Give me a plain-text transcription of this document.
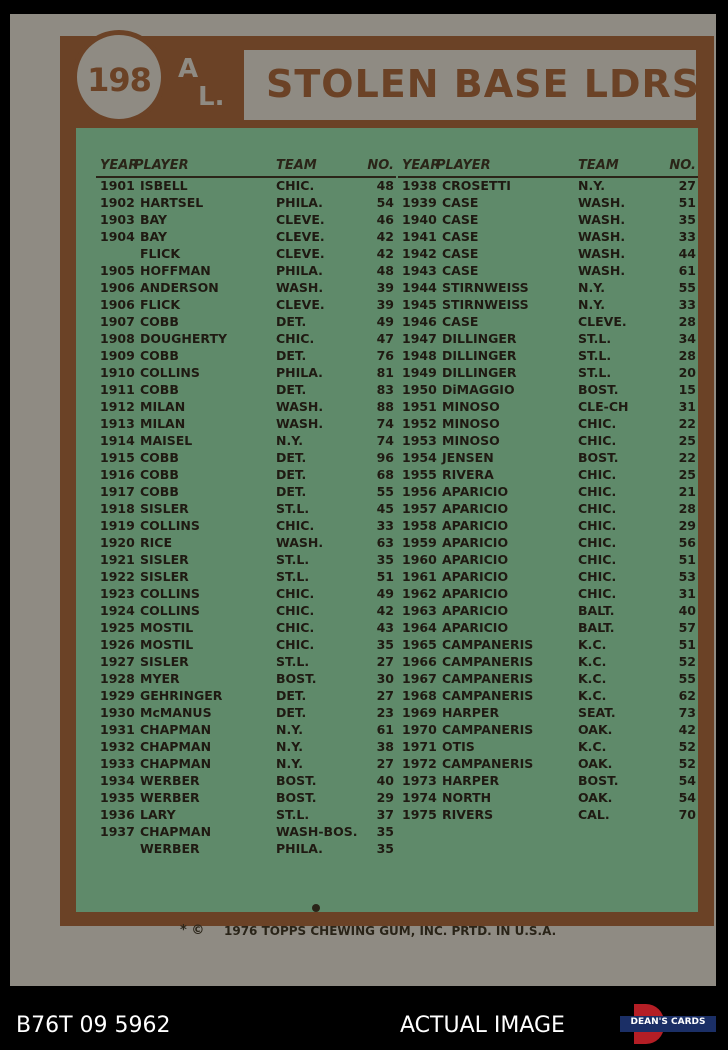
198	A
L. STOLEN BASE LDRS
YEAR
PLAYER	TEAM	NO.
1901 ISBELL	CHIC.	48
1902 HARTSEL	PHILA.	54
1903 BAY	CLEVE.	46
1904 BAY	CLEVE.	42
FLICK	CLEVE.	42
1905 HOFFMAN	PHILA.	48
1906 ANDERSON	WASH.	39
1906 FLICK	CLEVE.	39
1907 COBB	DET.	49
1908 DOUGHERTY	CHIC.	47
1909 COBB	DET.	76
1910 COLLINS	PHILA.	81
1911 COBB	DET.	83
1912 MILAN	WASH.	88
1913 MILAN	WASH.	74
1914 MAISEL	N.Y.	74
1915 COBB	DET.	96
1916 COBB	DET.	68
1917 COBB	DET.	55
1918 SISLER	ST.L.	45
1919 COLLINS	CHIC.	33
1920 RICE	WASH.	63
1921 SISLER	ST.L.	35
1922 SISLER	ST.L.	51
1923 COLLINS	CHIC.	49
1924 COLLINS	CHIC.	42
1925 MOSTIL	CHIC.	43
1926 MOSTIL	CHIC.	35
1927 SISLER	ST.L.	27
1928 MYER	BOST.	30
1929 GEHRINGER	DET.	27
1930 McMANUS	DET.	23
1931 CHAPMAN	N.Y.	61
1932 CHAPMAN	N.Y.	38
1933 CHAPMAN	N.Y.	27
1934 WERBER	BOST.	40
1935 WERBER	BOST.	29
1936 LARY	ST.L.	37
1937 CHAPMAN	WASH-BOS. 35
WERBER	PHILA.	35
YEAR
PLAYER	TEAM	NO.
1938 CROSETTI	N.Y.	27
1939 CASE	WASH.	51
1940 CASE	WASH.	35
1941 CASE	WASH.	33
1942 CASE	WASH.	44
1943 CASE	WASH.	61
1944 STIRNWEISS	N.Y.	55
1945 STIRNWEISS	N.Y.	33
1946 CASE	CLEVE.	28
1947 DILLINGER	ST.L.	34
1948 DILLINGER	ST.L.	28
1949 DILLINGER	ST.L.	20
1950 DiMAGGIO	BOST.	15
1951 MINOSO	CLE-CH	31
1952 MINOSO	CHIC.	22
1953 MINOSO	CHIC.	25
1954 JENSEN	BOST.	22
1955 RIVERA	CHIC.	25
1956 APARICIO	CHIC.	21
1957 APARICIO	CHIC.	28
1958 APARICIO	CHIC.	29
1959 APARICIO	CHIC.	56
1960 APARICIO	CHIC.	51
1961 APARICIO	CHIC.	53
1962 APARICIO	CHIC.	31
1963 APARICIO	BALT.	40
1964 APARICIO	BALT.	57
1965 CAMPANERIS	K.C.	51
1966 CAMPANERIS	K.C.	52
1967 CAMPANERIS	K.C.	55
1968 CAMPANERIS	K.C.	62
1969 HARPER	SEAT.	73
1970 CAMPANERIS	OAK.	42
1971 OTIS	K.C.	52
1972 CAMPANERIS	OAK.	52
1973 HARPER	BOST.	54
1974 NORTH	OAK.	54
1975 RIVERS	CAL.	70
* © 1976 TOPPS CHEWING GUM, INC. PRTD. IN U.S.A.
B76T 09 5962	ACTUAL IMAGE	DEAN'S CARDS
